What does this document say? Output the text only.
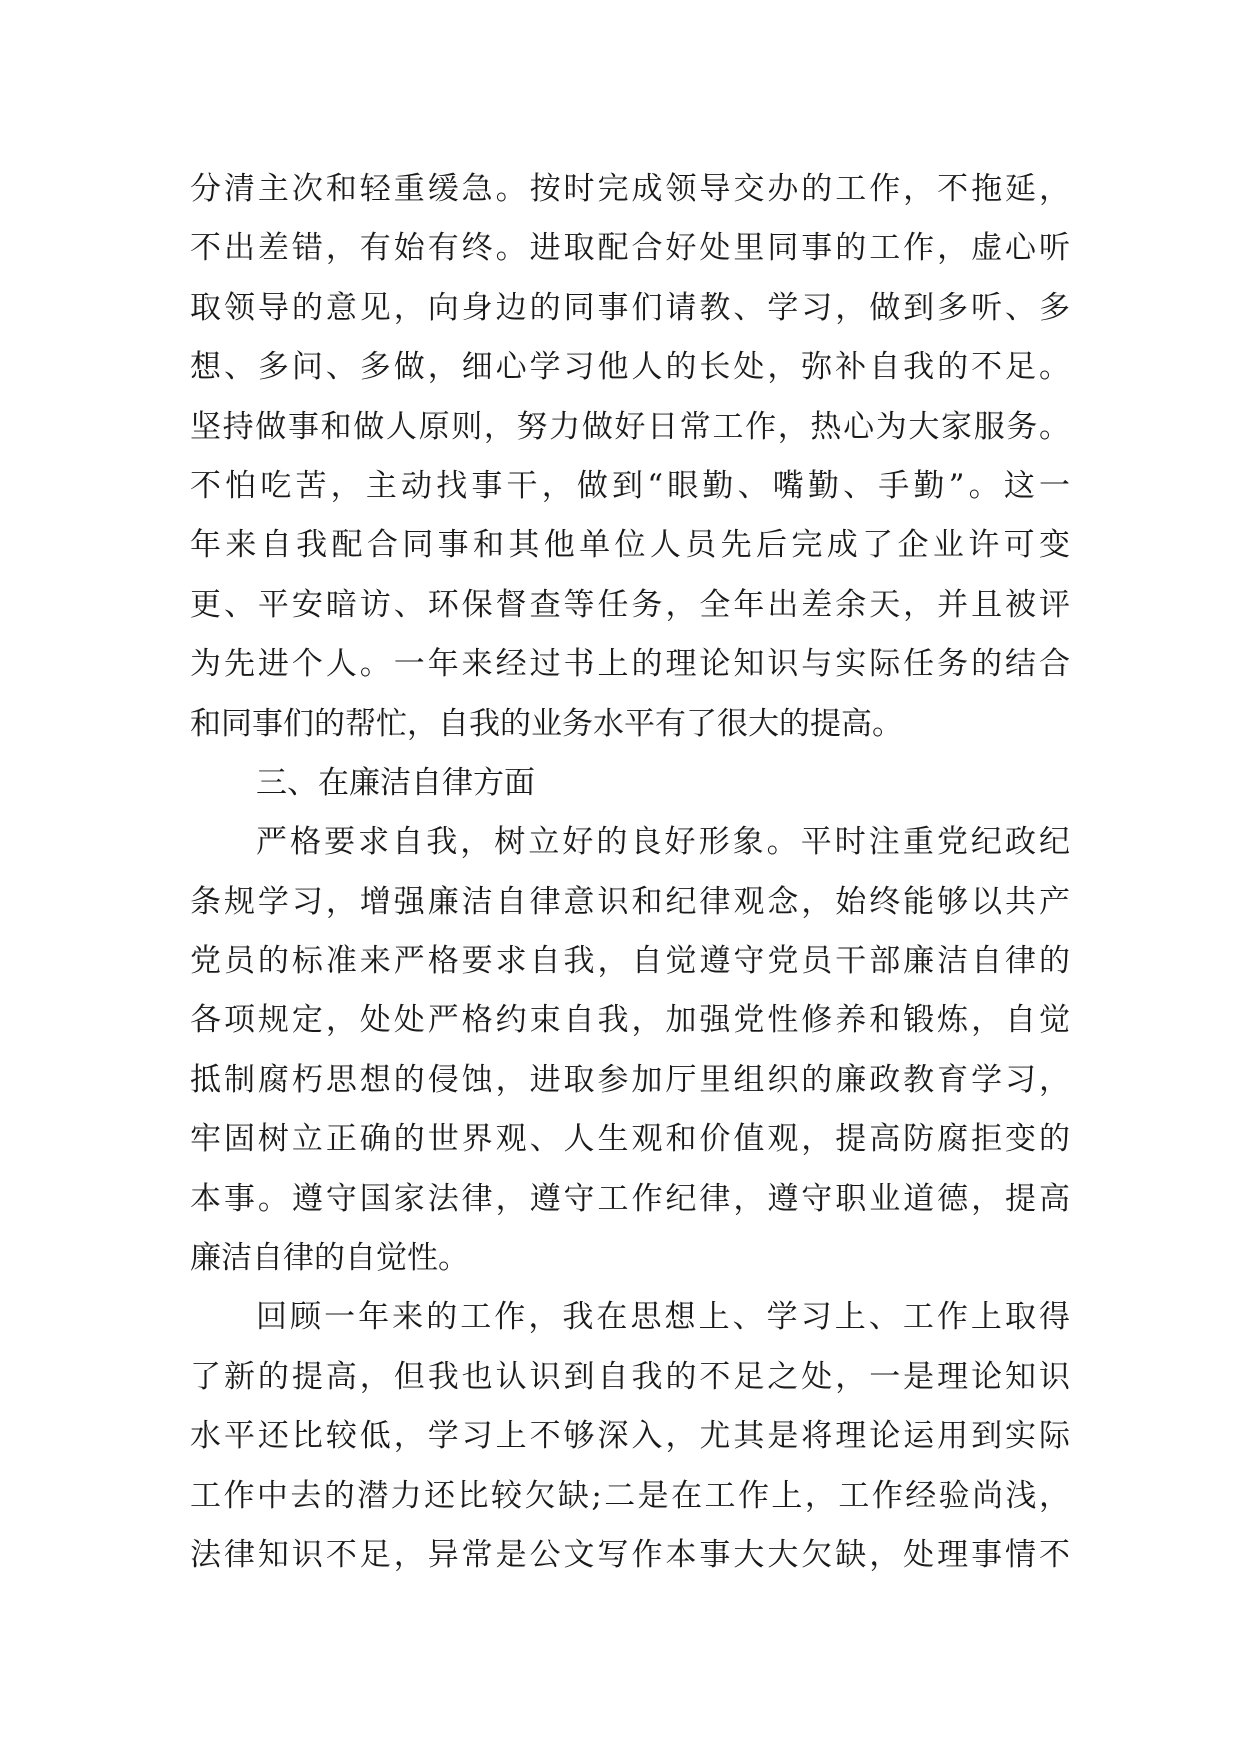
分清主次和轻重缓急。按时完成领导交办的工作，不拖延，
不出差错，有始有终。进取配合好处里同事的工作，虚心听
取领导的意见，向身边的同事们请教、学习，做到多听、多
想、多问、多做，细心学习他人的长处，弥补自我的不足。
坚持做事和做人原则，努力做好日常工作，热心为大家服务。
不怕吃苦，主动找事干，做到“眼勤、嘴勤、手勤”。这一
年来自我配合同事和其他单位人员先后完成了企业许可变
更、平安暗访、环保督查等任务，全年出差余天，并且被评
为先进个人。一年来经过书上的理论知识与实际任务的结合
和同事们的帮忙，自我的业务水平有了很大的提高。
三、在廉洁自律方面
严格要求自我，树立好的良好形象。平时注重党纪政纪
条规学习，增强廉洁自律意识和纪律观念，始终能够以共产
党员的标准来严格要求自我，自觉遵守党员干部廉洁自律的
各项规定，处处严格约束自我，加强党性修养和锻炼，自觉
抵制腐朽思想的侵蚀，进取参加厅里组织的廉政教育学习，
牢固树立正确的世界观、人生观和价值观，提高防腐拒变的
本事。遵守国家法律，遵守工作纪律，遵守职业道德，提高
廉洁自律的自觉性。
回顾一年来的工作，我在思想上、学习上、工作上取得
了新的提高，但我也认识到自我的不足之处，一是理论知识
水平还比较低，学习上不够深入，尤其是将理论运用到实际
工作中去的潜力还比较欠缺;二是在工作上，工作经验尚浅，
法律知识不足，异常是公文写作本事大大欠缺，处理事情不
